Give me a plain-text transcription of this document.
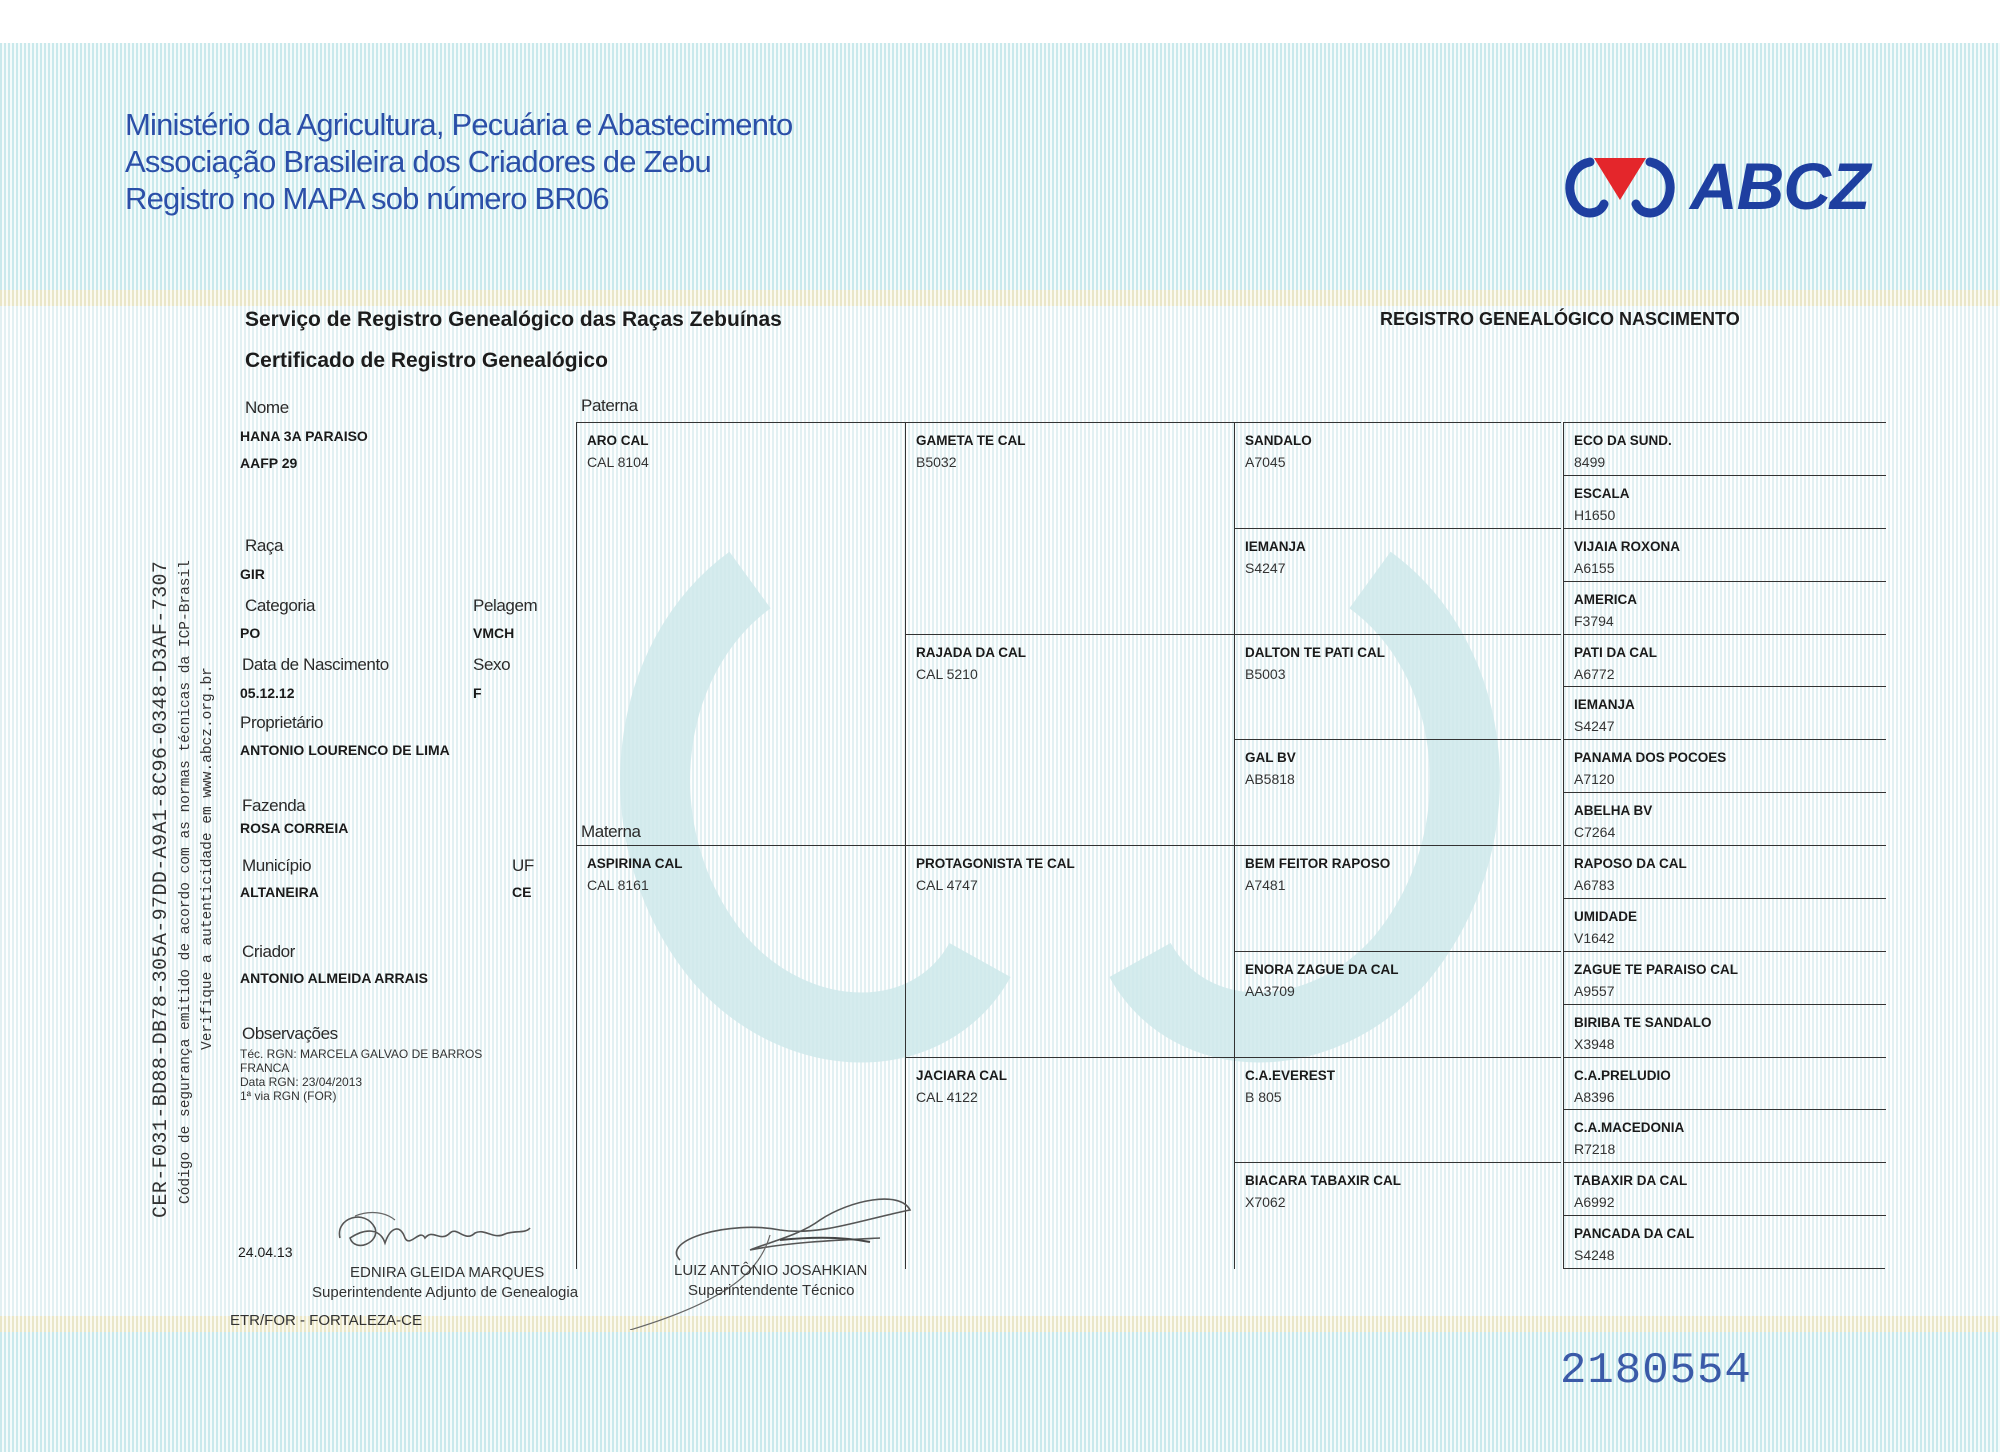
Ministério da Agricultura, Pecuária e Abastecimento
Associação Brasileira dos Criadores de Zebu
Registro no MAPA sob número BR06	ABCZ
Serviço de Registro Genealógico das Raças Zebuínas
Certificado de Registro Genealógico
REGISTRO GENEALÓGICO NASCIMENTO
CER-F031-BD88-DB78-305A-97DD-A9A1-8C96-0348-D3AF-7307 Código de segurança emitido de acordo com as normas técnicas da ICP-Brasil Verifique a autenticidade em www.abcz.org.br
Nome
HANA 3A PARAISO
AAFP 29
Raça
GIR
Categoria
PO
Pelagem
VMCH
Data de Nascimento
05.12.12
Sexo
F
Proprietário
ANTONIO LOURENCO DE LIMA
Fazenda
ROSA CORREIA
Município
ALTANEIRA
UF
CE
Criador
ANTONIO ALMEIDA ARRAIS
Observações
Téc. RGN: MARCELA GALVAO DE BARROS
FRANCA
Data RGN: 23/04/2013
1ª via RGN (FOR)
Paterna
Materna
ARO CAL
CAL 8104
ASPIRINA CAL
CAL 8161
GAMETA TE CAL
B5032
RAJADA DA CAL
CAL 5210
PROTAGONISTA TE CAL
CAL 4747
JACIARA CAL
CAL 4122
SANDALO
A7045
IEMANJA
S4247
DALTON TE PATI CAL
B5003
GAL BV
AB5818
BEM FEITOR RAPOSO
A7481
ENORA ZAGUE DA CAL
AA3709
C.A.EVEREST
B 805
BIACARA TABAXIR CAL
X7062
ECO DA SUND.
8499
ESCALA
H1650
VIJAIA ROXONA
A6155
AMERICA
F3794
PATI DA CAL
A6772
IEMANJA
S4247
PANAMA DOS POCOES
A7120
ABELHA BV
C7264
RAPOSO DA CAL
A6783
UMIDADE
V1642
ZAGUE TE PARAISO CAL
A9557
BIRIBA TE SANDALO
X3948
C.A.PRELUDIO
A8396
C.A.MACEDONIA
R7218
TABAXIR DA CAL
A6992
PANCADA DA CAL
S4248
24.04.13
EDNIRA GLEIDA MARQUES
Superintendente Adjunto de Genealogia
LUIZ ANTÔNIO JOSAHKIAN
Superintendente Técnico
ETR/FOR - FORTALEZA-CE
2180554
